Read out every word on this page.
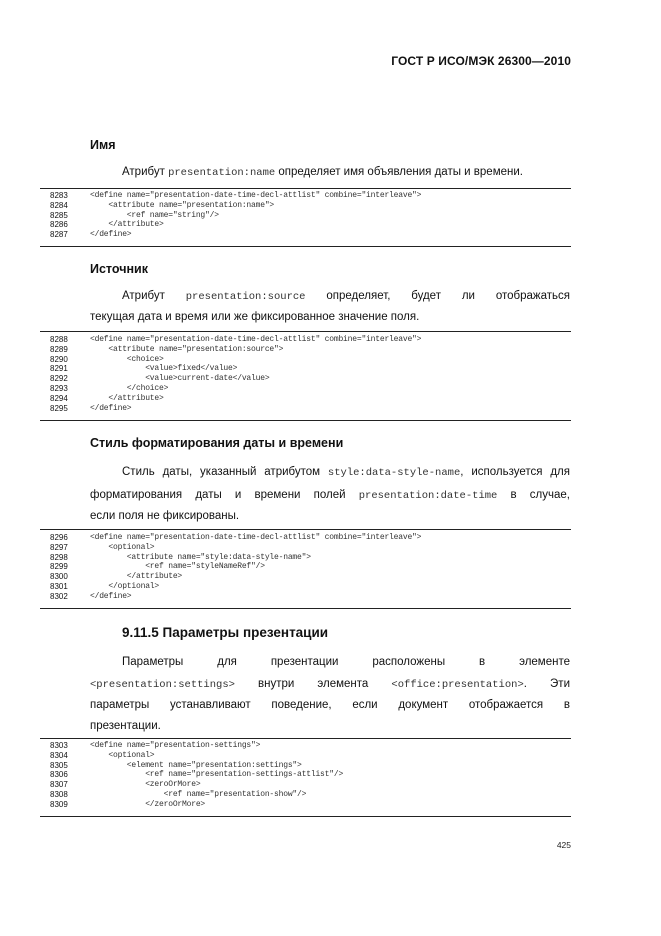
ГОСТ Р ИСО/МЭК 26300—2010
Имя
Атрибут presentation:name определяет имя объявления даты и времени.
8283	<define name="presentation-date-time-decl-attlist" combine="interleave">
8284	<attribute name="presentation:name">
8285	<ref name="string"/>
8286	</attribute>
8287	</define>
Источник
Атрибут presentation:source определяет, будет ли отображаться
текущая дата и время или же фиксированное значение поля.
8288	<define name="presentation-date-time-decl-attlist" combine="interleave">
8289	<attribute name="presentation:source">
8290	<choice>
8291	<value>fixed</value>
8292	<value>current-date</value>
8293	</choice>
8294	</attribute>
8295	</define>
Стиль форматирования даты и времени
Стиль даты, указанный атрибутом style:data-style-name, используется для
форматирования даты и времени полей presentation:date-time в случае,
если поля не фиксированы.
8296	<define name="presentation-date-time-decl-attlist" combine="interleave">
8297	<optional>
8298	<attribute name="style:data-style-name">
8299	<ref name="styleNameRef"/>
8300	</attribute>
8301	</optional>
8302	</define>
9.11.5 Параметры презентации
Параметры для презентации расположены в элементе
<presentation:settings> внутри элемента <office:presentation>. Эти
параметры устанавливают поведение, если документ отображается в
презентации.
8303	<define name="presentation-settings">
8304	<optional>
8305	<element name="presentation:settings">
8306	<ref name="presentation-settings-attlist"/>
8307	<zeroOrMore>
8308	<ref name="presentation-show"/>
8309	</zeroOrMore>
425
